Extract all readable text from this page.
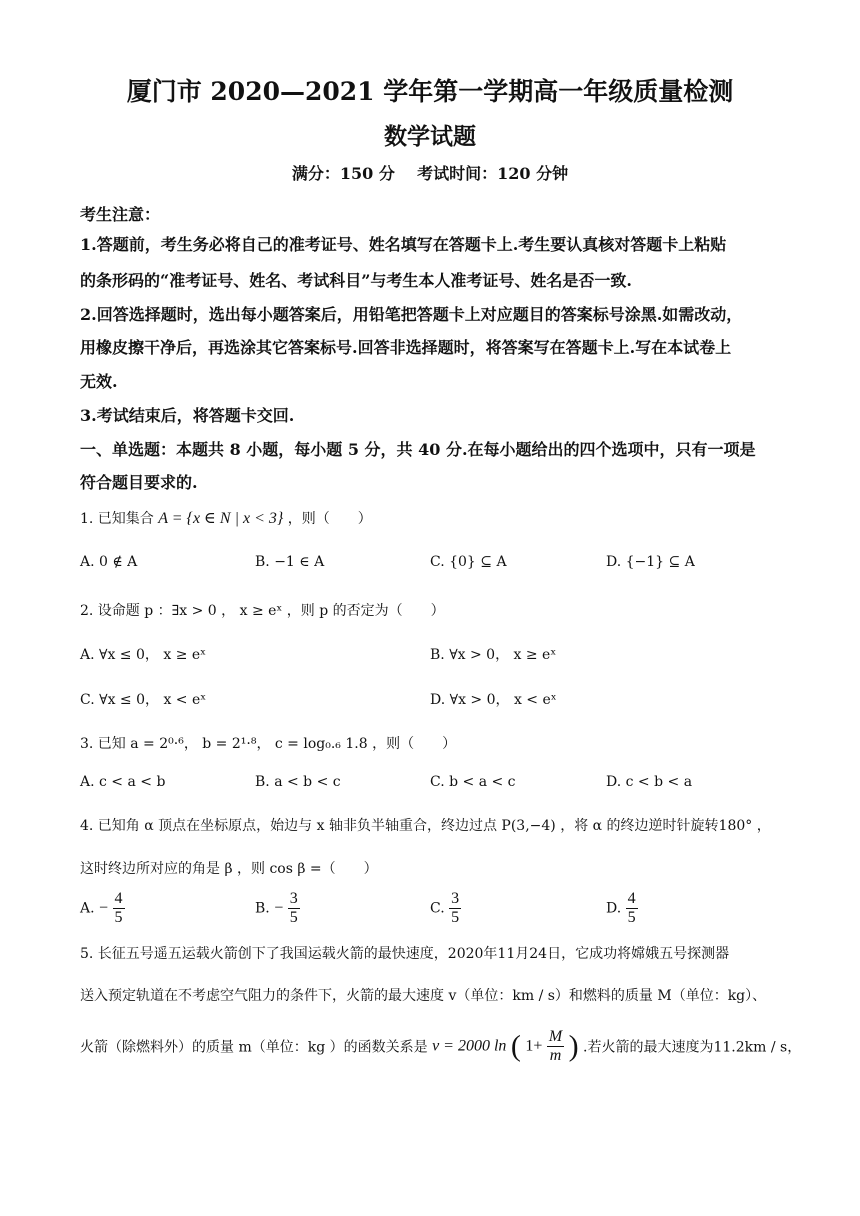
厦门市 2020—2021 学年第一学期高一年级质量检测
数学试题
满分：150 分    考试时间：120 分钟
考生注意：
1.答题前，考生务必将自己的准考证号、姓名填写在答题卡上.考生要认真核对答题卡上粘贴
的条形码的“准考证号、姓名、考试科目”与考生本人准考证号、姓名是否一致.
2.回答选择题时，选出每小题答案后，用铅笔把答题卡上对应题目的答案标号涂黑.如需改动，
用橡皮擦干净后，再选涂其它答案标号.回答非选择题时，将答案写在答题卡上.写在本试卷上
无效.
3.考试结束后，将答题卡交回.
一、单选题：本题共 8 小题，每小题 5 分，共 40 分.在每小题给出的四个选项中，只有一项是
符合题目要求的.
1. 已知集合 A = {x ∈ N | x < 3} ，则（　　）
A. 0 ∉ A	B. −1 ∈ A	C. {0} ⊆ A	D. {−1} ⊆ A
2. 设命题 p ：∃x > 0 ， x ≥ eˣ ，则 p 的否定为（　　）
A. ∀x ≤ 0， x ≥ eˣ	B. ∀x > 0， x ≥ eˣ
C. ∀x ≤ 0， x < eˣ	D. ∀x > 0， x < eˣ
3. 已知 a = 2⁰·⁶， b = 2¹·⁸， c = log₀.₆ 1.8 ，则（　　）
A. c < a < b	B. a < b < c	C. b < a < c	D. c < b < a
4. 已知角 α 顶点在坐标原点，始边与 x 轴非负半轴重合，终边过点 P(3,−4) ，将 α 的终边逆时针旋转180° ，
这时终边所对应的角是 β ，则 cos β =（　　）
A. − $\frac{4}{5}$	B. − $\frac{3}{5}$	C. $\frac{3}{5}$	D. $\frac{4}{5}$
5. 长征五号遥五运载火箭创下了我国运载火箭的最快速度，2020年11月24日，它成功将嫦娥五号探测器
送入预定轨道在不考虑空气阻力的条件下，火箭的最大速度 v（单位：km / s）和燃料的质量 M（单位：kg）、
火箭（除燃料外）的质量 m（单位：kg ）的函数关系是 v = 2000 ln ( $1+ \frac{M}{m}$ ) .若火箭的最大速度为11.2km / s，
